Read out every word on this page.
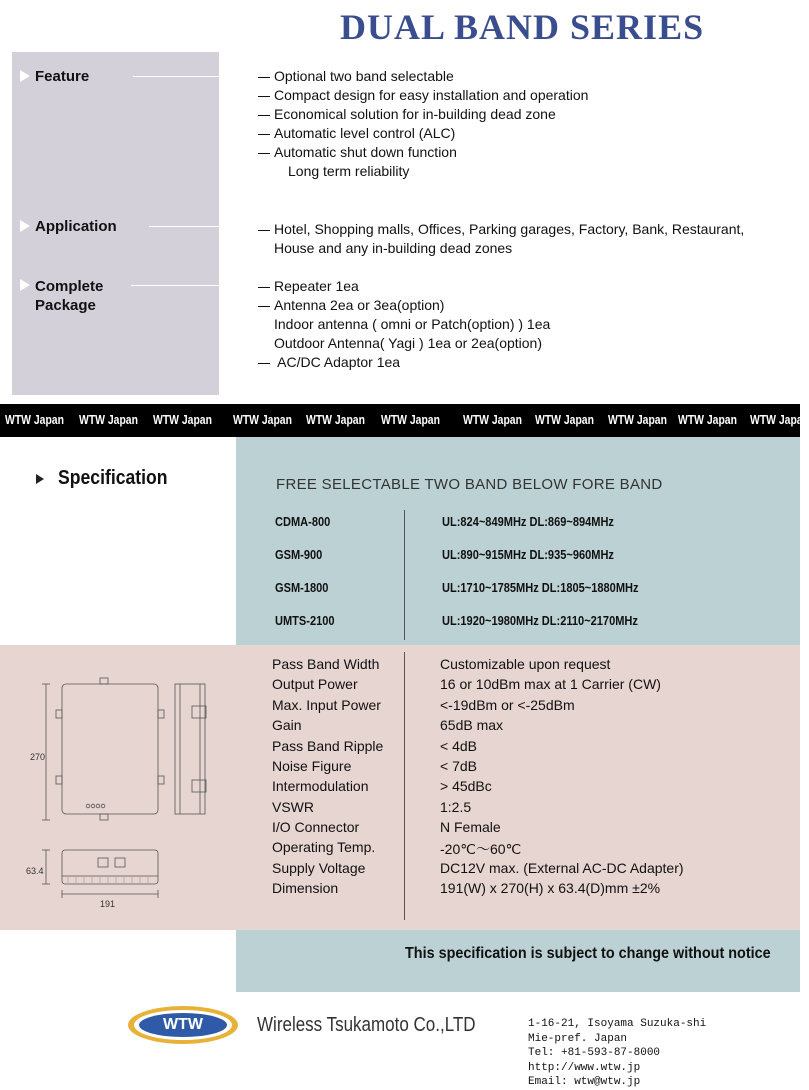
DUAL BAND SERIES
Feature	Optional two band selectable
Compact design for easy installation and operation
Economical solution for in-building dead zone
Automatic level control (ALC)
Automatic shut down function
Long term reliability
Application	Hotel, Shopping malls, Offices, Parking garages, Factory, Bank, Restaurant,
House and any in-building dead zones
Complete
Package
Repeater 1ea
Antenna 2ea or 3ea(option)
Indoor antenna ( omni or Patch(option) ) 1ea
Outdoor Antenna( Yagi ) 1ea or 2ea(option)
AC/DC Adaptor 1ea
WTW Japan WTW Japan WTW Japan WTW Japan WTW Japan WTW Japan WTW Japan WTW Japan WTW Japan WTW Japan WTW Japan
Specification	FREE SELECTABLE TWO BAND BELOW FORE BAND
CDMA-800	UL:824~849MHz DL:869~894MHz
GSM-900	UL:890~915MHz DL:935~960MHz
GSM-1800	UL:1710~1785MHz DL:1805~1880MHz
UMTS-2100	UL:1920~1980MHz DL:2110~2170MHz
Pass Band Width	Customizable upon request
Output Power	16 or 10dBm max at 1 Carrier (CW)
Max. Input Power	<-19dBm or <-25dBm
Gain	65dB max
Pass Band Ripple	< 4dB
Noise Figure	< 7dB
Intermodulation	> 45dBc
VSWR	1:2.5
I/O Connector	N Female
Operating Temp.	-20℃～60℃
Supply Voltage	DC12V max. (External AC-DC Adapter)
Dimension	191(W) x 270(H) x 63.4(D)mm ±2%
270
63.4
191
This specification is subject to change without notice
WTW	Wireless Tsukamoto Co.,LTD	1-16-21, Isoyama Suzuka-shi
Mie-pref. Japan
Tel: +81-593-87-8000
http://www.wtw.jp
Email: wtw@wtw.jp
